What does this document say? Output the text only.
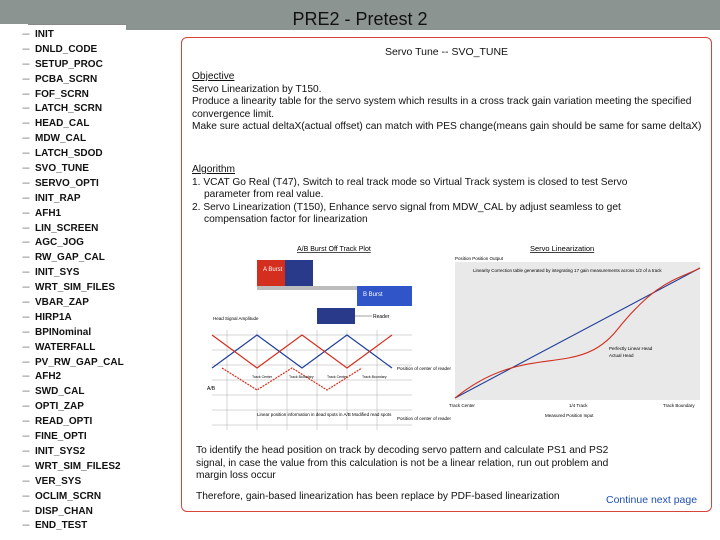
PRE2 - Pretest 2
--- INIT
--- DNLD_CODE
--- SETUP_PROC
--- PCBA_SCRN
--- FOF_SCRN
--- LATCH_SCRN
--- HEAD_CAL
--- MDW_CAL
--- LATCH_SDOD
--- SVO_TUNE
--- SERVO_OPTI
--- INIT_RAP
--- AFH1
--- LIN_SCREEN
--- AGC_JOG
--- RW_GAP_CAL
--- INIT_SYS
--- WRT_SIM_FILES
--- VBAR_ZAP
--- HIRP1A
--- BPINominal
--- WATERFALL
--- PV_RW_GAP_CAL
--- AFH2
--- SWD_CAL
--- OPTI_ZAP
--- READ_OPTI
--- FINE_OPTI
--- INIT_SYS2
--- WRT_SIM_FILES2
--- VER_SYS
--- OCLIM_SCRN
--- DISP_CHAN
--- END_TEST
Servo Tune -- SVO_TUNE

Objective

Servo Linearization by T150.

Produce a linearity table for the servo system which results in a cross track gain variation meeting the specified convergence limit.

Make sure actual deltaX(actual offset) can match with PES change(means gain should be same for same deltaX)

Algorithm

1. VCAT Go Real (T47), Switch to real track mode so Virtual Track system is closed to test Servo

parameter from real value.

2. Servo Linearization (T150), Enhance servo signal from MDW_CAL by adjust seamless to get

compensation factor for linearization

A/B Burst Off Track Plot
A Burst
B Burst
Reader
Head Signal Amplitude
A/B
Track Center	Track Boundary	Track Center	Track Boundary
Position of center of reader
Position of center of reader
Linear position information in dead spots in A/B Modified read spots
Servo Linearization
Position Position Output
Linearity Correction table generated by integrating 17 gain measurements across 1/2 of a track
Perfectly Linear Head
Actual Head
Track Center	1/4 Track	Track Boundary
Measured Position Input
To identify the head position on track by decoding servo pattern and calculate PS1 and PS2 signal, in case the value from this calculation is not be a linear relation, run out problem and margin loss occur
Therefore, gain-based linearization has been replace by PDF-based linearization	Continue next page
